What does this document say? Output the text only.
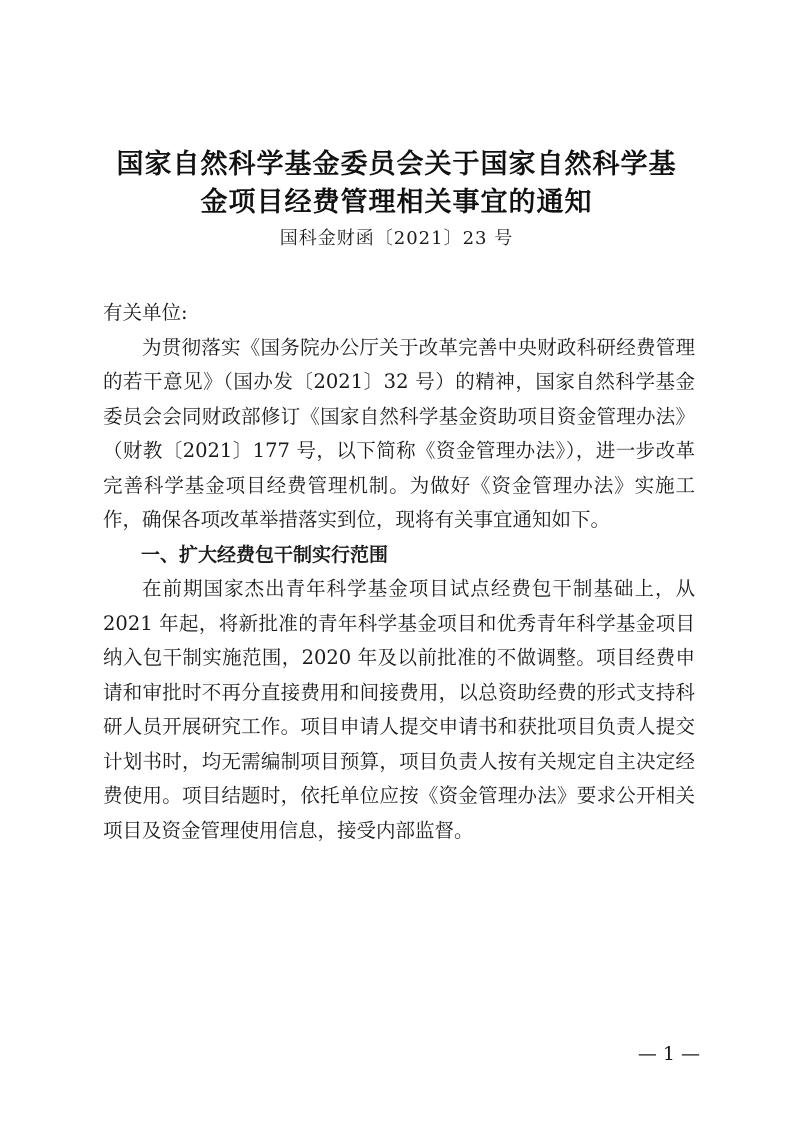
国家自然科学基金委员会关于国家自然科学基
金项目经费管理相关事宜的通知
国科金财函〔2021〕23 号

有关单位:

为贯彻落实《国务院办公厅关于改革完善中央财政科研经费管理的若干意见》（国办发〔2021〕32 号）的精神，国家自然科学基金委员会会同财政部修订《国家自然科学基金资助项目资金管理办法》（财教〔2021〕177 号，以下简称《资金管理办法》），进一步改革完善科学基金项目经费管理机制。为做好《资金管理办法》实施工作，确保各项改革举措落实到位，现将有关事宜通知如下。

一、扩大经费包干制实行范围

在前期国家杰出青年科学基金项目试点经费包干制基础上，从 2021 年起，将新批准的青年科学基金项目和优秀青年科学基金项目纳入包干制实施范围，2020 年及以前批准的不做调整。项目经费申请和审批时不再分直接费用和间接费用，以总资助经费的形式支持科研人员开展研究工作。项目申请人提交申请书和获批项目负责人提交计划书时，均无需编制项目预算，项目负责人按有关规定自主决定经费使用。项目结题时，依托单位应按《资金管理办法》要求公开相关项目及资金管理使用信息，接受内部监督。

— 1 —
